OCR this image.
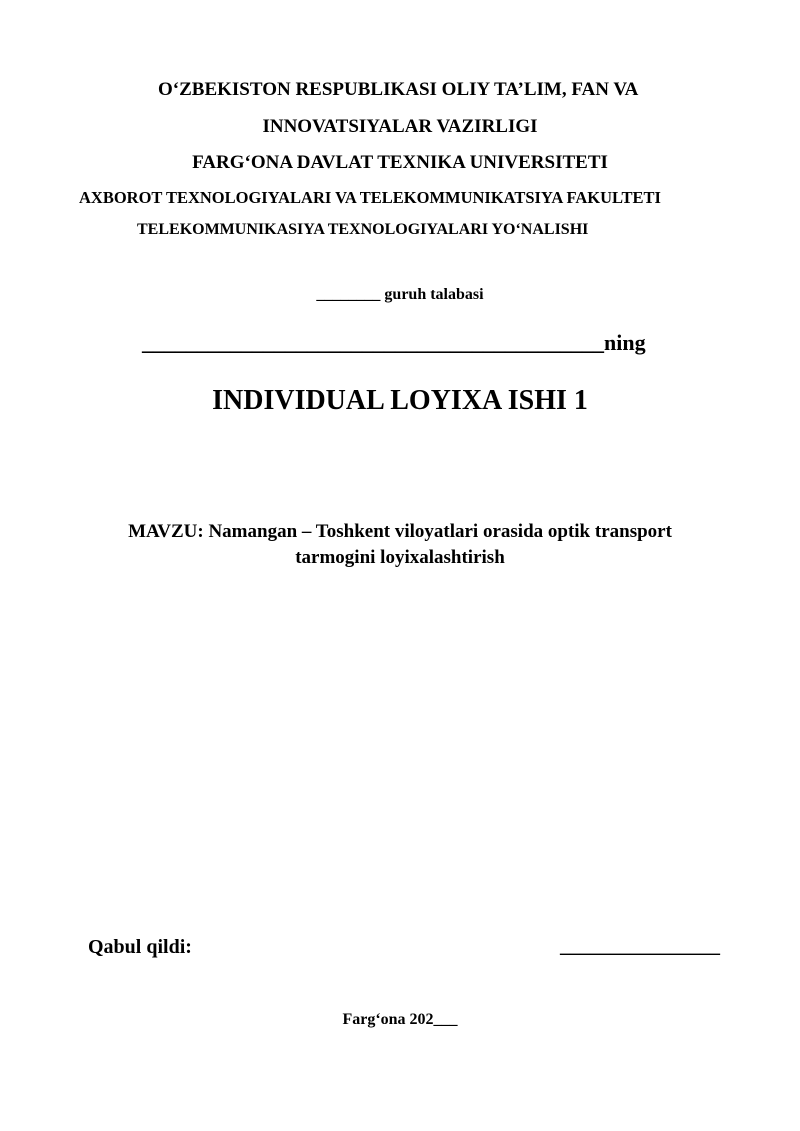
O‘ZBEKISTON RESPUBLIKASI OLIY TA’LIM, FAN VA
INNOVATSIYALAR VAZIRLIGI
FARG‘ONA DAVLAT TEXNIKA UNIVERSITETI
AXBOROT TEXNOLOGIYALARI VA TELEKOMMUNIKATSIYA FAKULTETI
TELEKOMMUNIKASIYA TEXNOLOGIYALARI YO‘NALISHI
________ guruh talabasi
__________________________________________ning
INDIVIDUAL LOYIXA ISHI 1
MAVZU: Namangan – Toshkent viloyatlari orasida optik transport
tarmogini loyixalashtirish
Qabul qildi:	________________
Farg‘ona 202___
